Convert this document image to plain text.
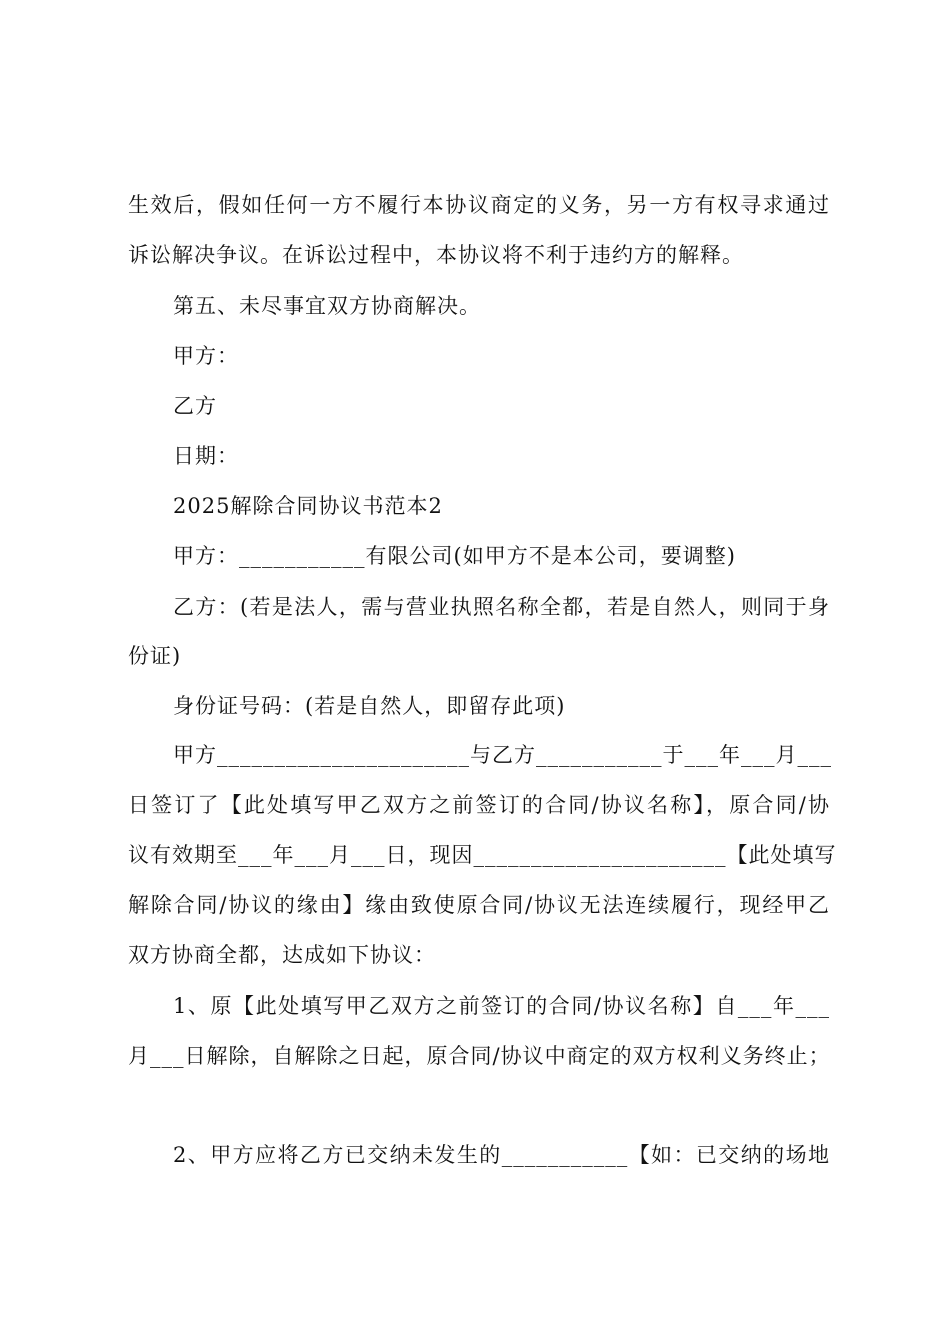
生效后，假如任何一方不履行本协议商定的义务，另一方有权寻求通过
诉讼解决争议。在诉讼过程中，本协议将不利于违约方的解释。
第五、未尽事宜双方协商解决。
甲方：
乙方
日期：
2025解除合同协议书范本2
甲方：___________有限公司(如甲方不是本公司，要调整)
乙方：(若是法人，需与营业执照名称全都，若是自然人，则同于身
份证)
身份证号码：(若是自然人，即留存此项)
甲方______________________与乙方___________于___年___月___
日签订了【此处填写甲乙双方之前签订的合同/协议名称】，原合同/协
议有效期至___年___月___日，现因______________________【此处填写
解除合同/协议的缘由】缘由致使原合同/协议无法连续履行，现经甲乙
双方协商全都，达成如下协议：
1、原【此处填写甲乙双方之前签订的合同/协议名称】自___年___
月___日解除，自解除之日起，原合同/协议中商定的双方权利义务终止；
2、甲方应将乙方已交纳未发生的___________【如：已交纳的场地
